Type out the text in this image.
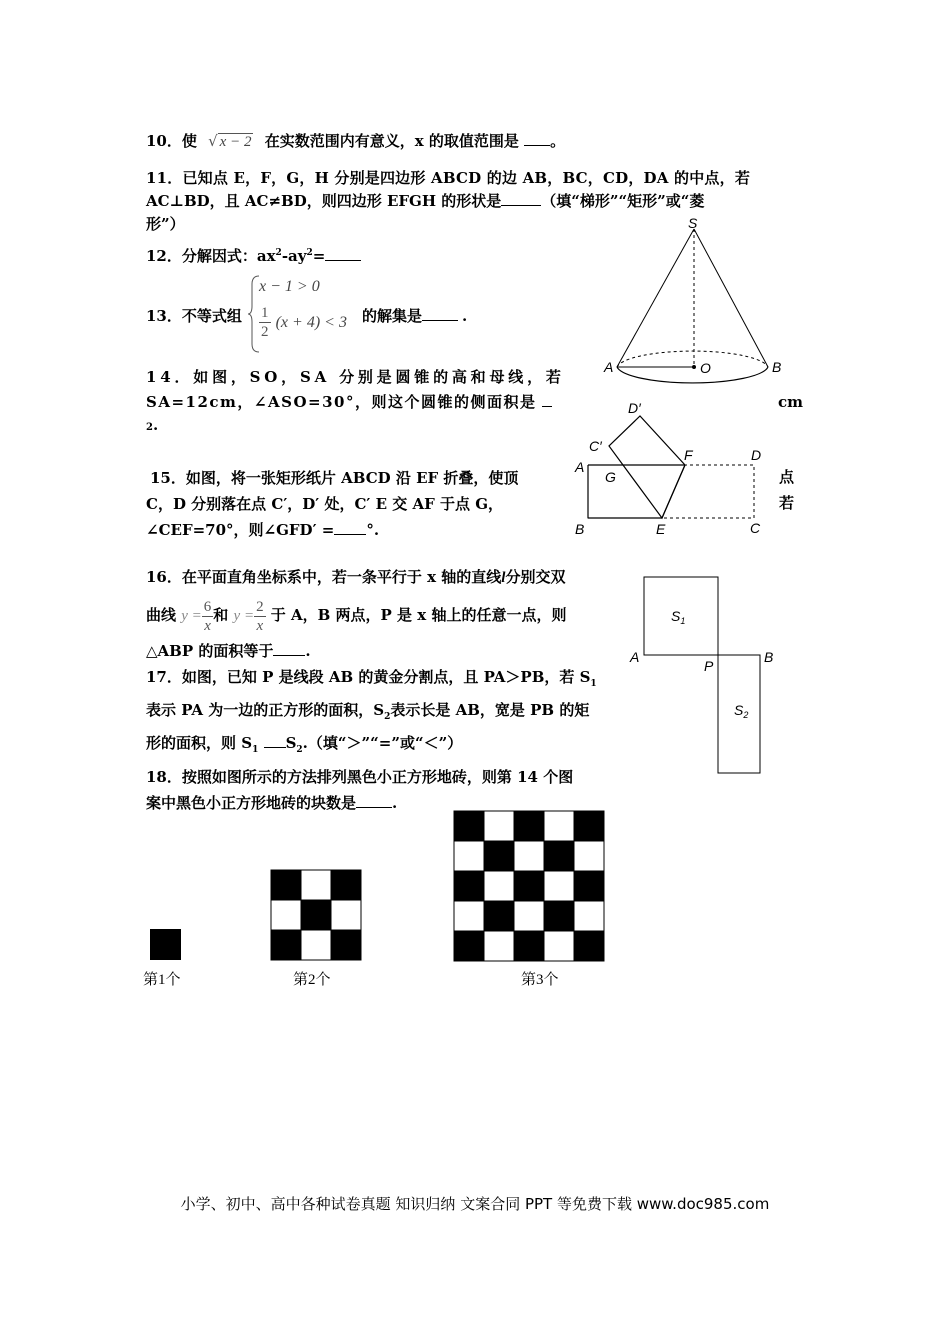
10．使 √ x − 2 在实数范围内有意义，x 的取值范围是 。
11．已知点 E，F，G，H 分别是四边形 ABCD 的边 AB，BC，CD，DA 的中点，若
AC⊥BD，且 AC≠BD，则四边形 EFGH 的形状是	（填“梯形”“矩形”或“菱
形”）
12．分解因式：$ax^2-ay^2=$
13．不等式组
x − 1 > 0
$\frac{1}{2} (x + 4) < 3$ 的解集是	.
S
A	O	B
14．如图，SO，SA 分别是圆锥的高和母线，若
SA=12cm，∠ASO=30°，则这个圆锥的侧面积是	cm
2.
D′
C′
A
G
F	D
B	E	C
15．如图，将一张矩形纸片 ABCD 沿 EF 折叠，使顶
C，D 分别落在点 C′，D′ 处，C′ E 交 AF 于点 G，
∠CEF=70°，则∠GFD′ = °.
点
若
16．在平面直角坐标系中，若一条平行于 x 轴的直线l分别交双
曲线 $y = \frac{6}{x}$ 和 $y = \frac{2}{x}$ 于 A，B 两点，P 是 x 轴上的任意一点，则
△ABP 的面积等于 .
$S_1$
A
P
B
$S_2$
17．如图，已知 P 是线段 AB 的黄金分割点，且 PA＞PB，若 $S_1$
表示 PA 为一边的正方形的面积，$S_2$表示长是 AB，宽是 PB 的矩
形的面积，则 $S_1$ $S_2$.（填“＞”“=”或“＜”）
18．按照如图所示的方法排列黑色小正方形地砖，则第 14 个图
案中黑色小正方形地砖的块数是 .
第1个	第2个	第3个
小学、初中、高中各种试卷真题 知识归纳 文案合同 PPT 等免费下载 www.doc985.com
